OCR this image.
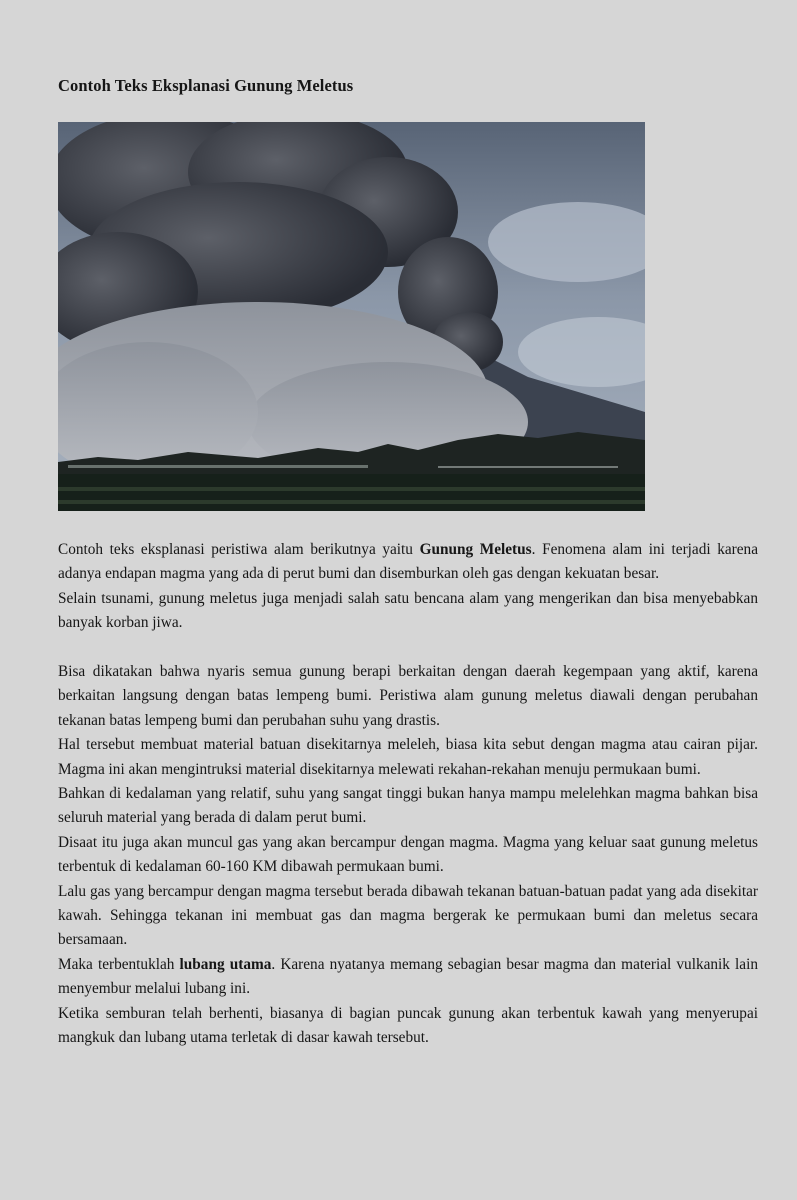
Contoh Teks Eksplanasi Gunung Meletus

Contoh teks eksplanasi peristiwa alam berikutnya yaitu Gunung Meletus. Fenomena alam ini terjadi karena adanya endapan magma yang ada di perut bumi dan disemburkan oleh gas dengan kekuatan besar.

Selain tsunami, gunung meletus juga menjadi salah satu bencana alam yang mengerikan dan bisa menyebabkan banyak korban jiwa.

Bisa dikatakan bahwa nyaris semua gunung berapi berkaitan dengan daerah kegempaan yang aktif, karena berkaitan langsung dengan batas lempeng bumi. Peristiwa alam gunung meletus diawali dengan perubahan tekanan batas lempeng bumi dan perubahan suhu yang drastis.

Hal tersebut membuat material batuan disekitarnya meleleh, biasa kita sebut dengan magma atau cairan pijar. Magma ini akan mengintruksi material disekitarnya melewati rekahan-rekahan menuju permukaan bumi.

Bahkan di kedalaman yang relatif, suhu yang sangat tinggi bukan hanya mampu melelehkan magma bahkan bisa seluruh material yang berada di dalam perut bumi.

Disaat itu juga akan muncul gas yang akan bercampur dengan magma. Magma yang keluar saat gunung meletus terbentuk di kedalaman 60-160 KM dibawah permukaan bumi.

Lalu gas yang bercampur dengan magma tersebut berada dibawah tekanan batuan-batuan padat yang ada disekitar kawah. Sehingga tekanan ini membuat gas dan magma bergerak ke permukaan bumi dan meletus secara bersamaan.

Maka terbentuklah lubang utama. Karena nyatanya memang sebagian besar magma dan material vulkanik lain menyembur melalui lubang ini.

Ketika semburan telah berhenti, biasanya di bagian puncak gunung akan terbentuk kawah yang menyerupai mangkuk dan lubang utama terletak di dasar kawah tersebut.
